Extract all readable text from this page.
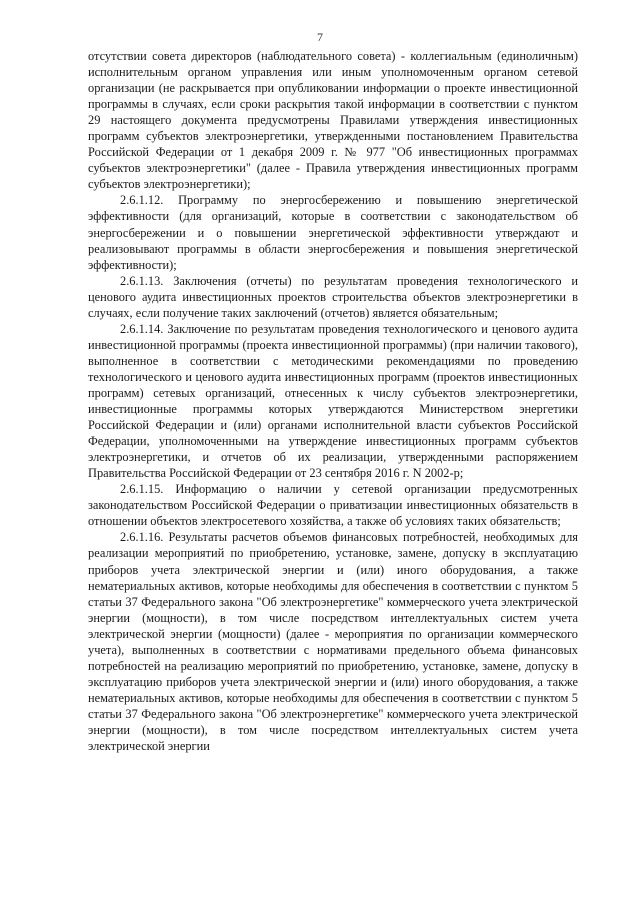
7

отсутствии совета директоров (наблюдательного совета) - коллегиальным (единоличным) исполнительным органом управления или иным уполномоченным органом сетевой организации (не раскрывается при опубликовании информации о проекте инвестиционной программы в случаях, если сроки раскрытия такой информации в соответствии с пунктом 29 настоящего документа предусмотрены Правилами утверждения инвестиционных программ субъектов электроэнергетики, утвержденными постановлением Правительства Российской Федерации от 1 декабря 2009 г. № 977 "Об инвестиционных программах субъектов электроэнергетики" (далее - Правила утверждения инвестиционных программ субъектов электроэнергетики);

2.6.1.12. Программу по энергосбережению и повышению энергетической эффективности (для организаций, которые в соответствии с законодательством об энергосбережении и о повышении энергетической эффективности утверждают и реализовывают программы в области энергосбережения и повышения энергетической эффективности);

2.6.1.13. Заключения (отчеты) по результатам проведения технологического и ценового аудита инвестиционных проектов строительства объектов электроэнергетики в случаях, если получение таких заключений (отчетов) является обязательным;

2.6.1.14. Заключение по результатам проведения технологического и ценового аудита инвестиционной программы (проекта инвестиционной программы) (при наличии такового), выполненное в соответствии с методическими рекомендациями по проведению технологического и ценового аудита инвестиционных программ (проектов инвестиционных программ) сетевых организаций, отнесенных к числу субъектов электроэнергетики, инвестиционные программы которых утверждаются Министерством энергетики Российской Федерации и (или) органами исполнительной власти субъектов Российской Федерации, уполномоченными на утверждение инвестиционных программ субъектов электроэнергетики, и отчетов об их реализации, утвержденными распоряжением Правительства Российской Федерации от 23 сентября 2016 г. N 2002-р;

2.6.1.15. Информацию о наличии у сетевой организации предусмотренных законодательством Российской Федерации о приватизации инвестиционных обязательств в отношении объектов электросетевого хозяйства, а также об условиях таких обязательств;

2.6.1.16. Результаты расчетов объемов финансовых потребностей, необходимых для реализации мероприятий по приобретению, установке, замене, допуску в эксплуатацию приборов учета электрической энергии и (или) иного оборудования, а также нематериальных активов, которые необходимы для обеспечения в соответствии с пунктом 5 статьи 37 Федерального закона "Об электроэнергетике" коммерческого учета электрической энергии (мощности), в том числе посредством интеллектуальных систем учета электрической энергии (мощности) (далее - мероприятия по организации коммерческого учета), выполненных в соответствии с нормативами предельного объема финансовых потребностей на реализацию мероприятий по приобретению, установке, замене, допуску в эксплуатацию приборов учета электрической энергии и (или) иного оборудования, а также нематериальных активов, которые необходимы для обеспечения в соответствии с пунктом 5 статьи 37 Федерального закона "Об электроэнергетике" коммерческого учета электрической энергии (мощности), в том числе посредством интеллектуальных систем учета электрической энергии
